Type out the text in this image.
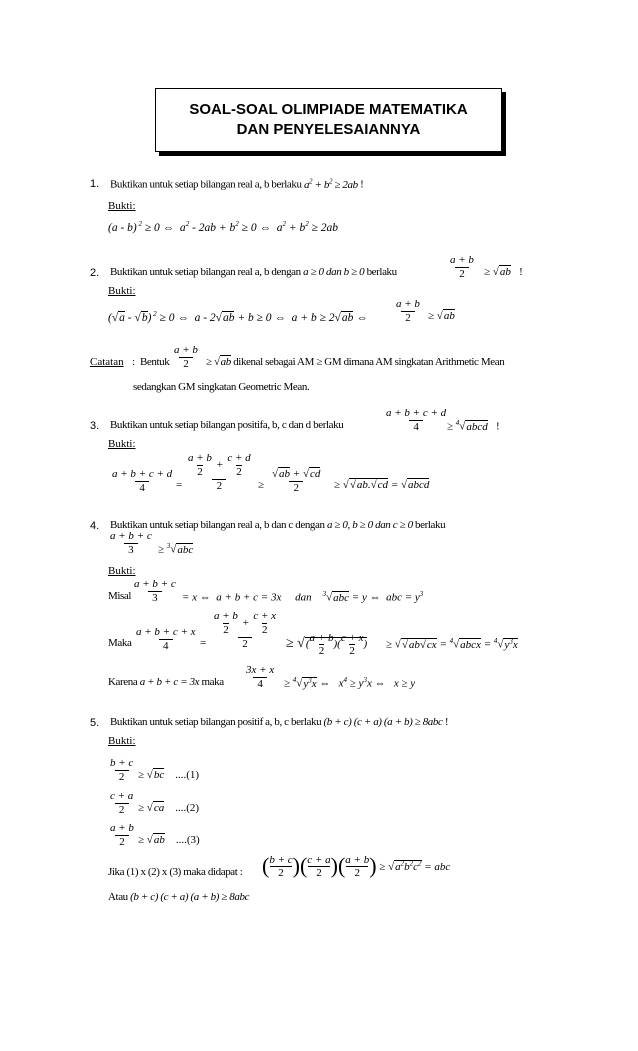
SOAL-SOAL OLIMPIADE MATEMATIKA
DAN PENYELESAIANNYA
1. Buktikan untuk setiap bilangan real a, b berlaku $a^2 + b^2 \ge 2ab$ !
Bukti:
(a - b) $^2$ ≥ 0 ⇔  $a^2 - 2ab + b^2 \ge 0$ ⇔  $a^2 + b^2 \ge 2ab$
2. Buktikan untuk setiap bilangan real a, b dengan a ≥ 0 dan b ≥ 0 berlaku	$\frac{a + b}{2} \ge √ab$ !
Bukti:
(√a - √b) $^2$ ≥ 0 ⇔  a - 2√ab + b ≥ 0 ⇔  a + b ≥ 2√ab ⇔ $\frac{a + b}{2} \ge √ab$
Catatan : Bentuk $\frac{a + b}{2} \ge √ab$ dikenal sebagai AM ≥ GM dimana AM singkatan Arithmetic Mean
sedangkan GM singkatan Geometric Mean.
3. Buktikan untuk setiap bilangan positifa, b, c dan d berlaku	$\frac{a + b + c + d}{4}$
≥ $^4$√abcd !
Bukti:
$\frac{a + b + c + d}{4} = a + b$
2
+ $\frac{c + d}{2}$
$2 \ge \frac{√ab + √cd}{2} \ge √√ab.√cd$ = √abcd
4. Buktikan untuk setiap bilangan real a, b dan c dengan a ≥ 0, b ≥ 0 dan c ≥ 0 berlaku
$\frac{a + b + c}{3} \ge ^3√abc$
Bukti:
Misal $\frac{a + b + c}{3} = x$ ⇔  a + b + c = 3x     dan $^3$√abc = y ⇔  abc = $y^3$
Maka $\frac{a + b + c + x}{4} = a + b$
2
+ $\frac{c + x}{2}$
2 ≥ √( $\frac{a + b}{2}$ )( $\frac{c + x}{2}$ ) ≥ √√ab√cx = $^4$√abcx = $^4√y^3x$
Karena a + b + c = 3x maka $\frac{3x + x}{4} \ge ^4√y^3x$ ⇔   $x^4 \ge y^3x$ ⇔   x ≥ y
5. Buktikan untuk setiap bilangan positif a, b, c berlaku (b + c) (c + a) (a + b) ≥ 8abc !
Bukti:
$\frac{b + c}{2} \ge √bc$ ....(1)
$\frac{c + a}{2} \ge √ca$ ....(2)
$\frac{a + b}{2} \ge √ab$ ....(3)
Jika (1) x (2) x (3) maka didapat : ( $\frac{b + c}{2}$ )( $\frac{c + a}{2}$ )( $\frac{a + b}{2}$ ) ≥ $√a^2b^2c^2$ = abc
Atau (b + c) (c + a) (a + b) ≥ 8abc
